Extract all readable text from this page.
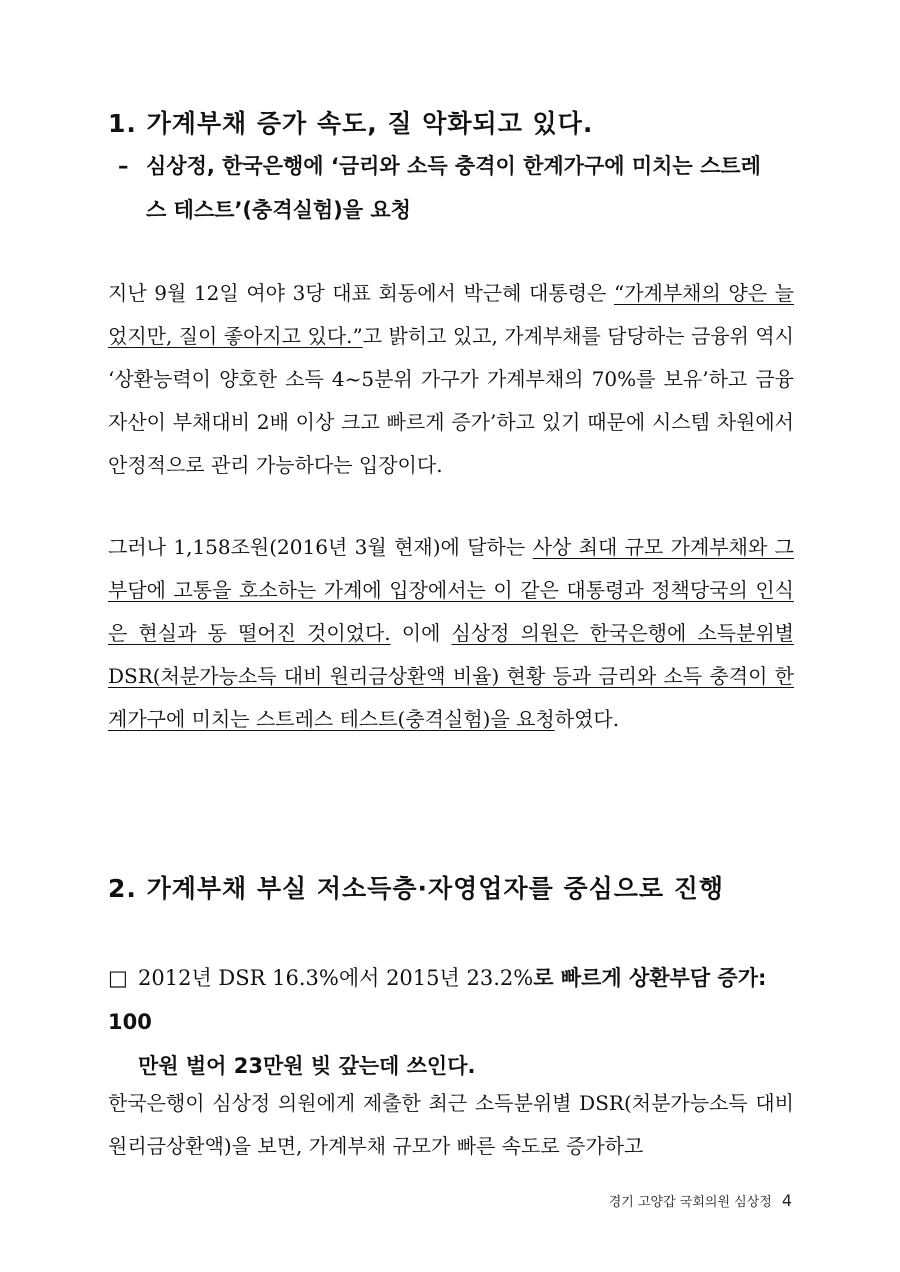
1. 가계부채 증가 속도, 질 악화되고 있다.
– 심상정, 한국은행에 ‘금리와 소득 충격이 한계가구에 미치는 스트레
스 테스트’(충격실험)을 요청
지난 9월 12일 여야 3당 대표 회동에서 박근혜 대통령은 “가계부채의 양은 늘었지만, 질이 좋아지고 있다.”고 밝히고 있고, 가계부채를 담당하는 금융위 역시 ‘상환능력이 양호한 소득 4~5분위 가구가 가계부채의 70%를 보유’하고 금융자산이 부채대비 2배 이상 크고 빠르게 증가’하고 있기 때문에 시스템 차원에서 안정적으로 관리 가능하다는 입장이다.
그러나 1,158조원(2016년 3월 현재)에 달하는 사상 최대 규모 가계부채와 그 부담에 고통을 호소하는 가계에 입장에서는 이 같은 대통령과 정책당국의 인식은 현실과 동 떨어진 것이었다. 이에 심상정 의원은 한국은행에 소득분위별 DSR(처분가능소득 대비 원리금상환액 비율) 현황 등과 금리와 소득 충격이 한계가구에 미치는 스트레스 테스트(충격실험)을 요청하였다.
2. 가계부채 부실 저소득층·자영업자를 중심으로 진행
□ 2012년 DSR 16.3%에서 2015년 23.2%로 빠르게 상환부담 증가: 100
만원 벌어 23만원 빚 갚는데 쓰인다.
한국은행이 심상정 의원에게 제출한 최근 소득분위별 DSR(처분가능소득 대비 원리금상환액)을 보면, 가계부채 규모가 빠른 속도로 증가하고
경기 고양갑 국회의원 심상정 4
